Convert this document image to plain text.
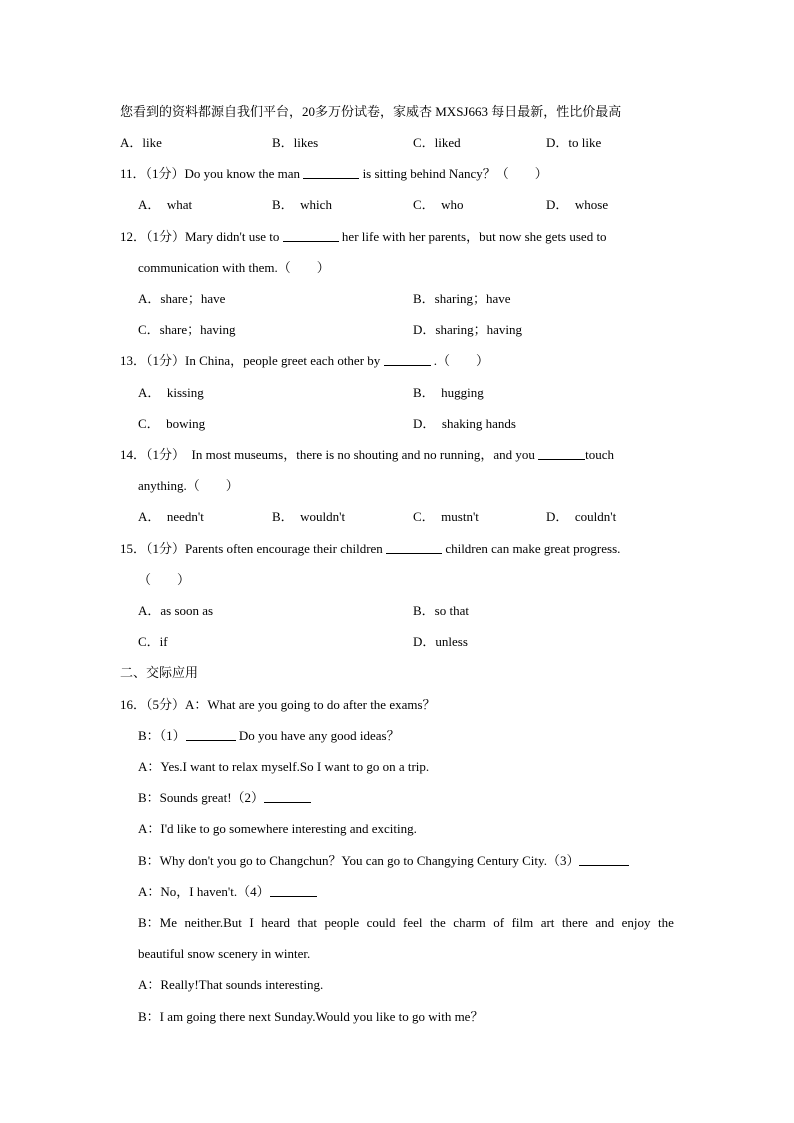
您看到的资料都源自我们平台，20多万份试卷，家威杏 MXSJ663 每日最新，性比价最高
A．like	B．likes	C．liked	D．to like
11．（1分）Do you know the man	is sitting behind Nancy？（　　）
A．　what	B．　which	C．　who	D．　whose
12．（1分）Mary didn't use to	her life with her parents，but now she gets used to
communication with them.（　　）
A．share；have	B．sharing；have
C．share；having	D．sharing；having
13．（1分）In China，people greet each other by	.（　　）
A．　kissing	B．　hugging
C．　bowing	D．　shaking hands
14．（1分）　In most museums，there is no shouting and no running，and you	touch
anything.（　　）
A．　needn't	B．　wouldn't	C．　mustn't	D．　couldn't
15．（1分）Parents often encourage their children	children can make great progress.
（　　）
A．as soon as	B．so that
C．if	D．unless
二、交际应用
16．（5分）A：What are you going to do after the exams？
B：（1）	Do you have any good ideas？
A：Yes.I want to relax myself.So I want to go on a trip.
B：Sounds great!（2）
A：I'd like to go somewhere interesting and exciting.
B：Why don't you go to Changchun？You can go to Changying Century City.（3）
A：No，I haven't.（4）
B：Me neither.But I heard that people could feel the charm of film art there and enjoy the
beautiful snow scenery in winter.
A：Really!That sounds interesting.
B：I am going there next Sunday.Would you like to go with me？
